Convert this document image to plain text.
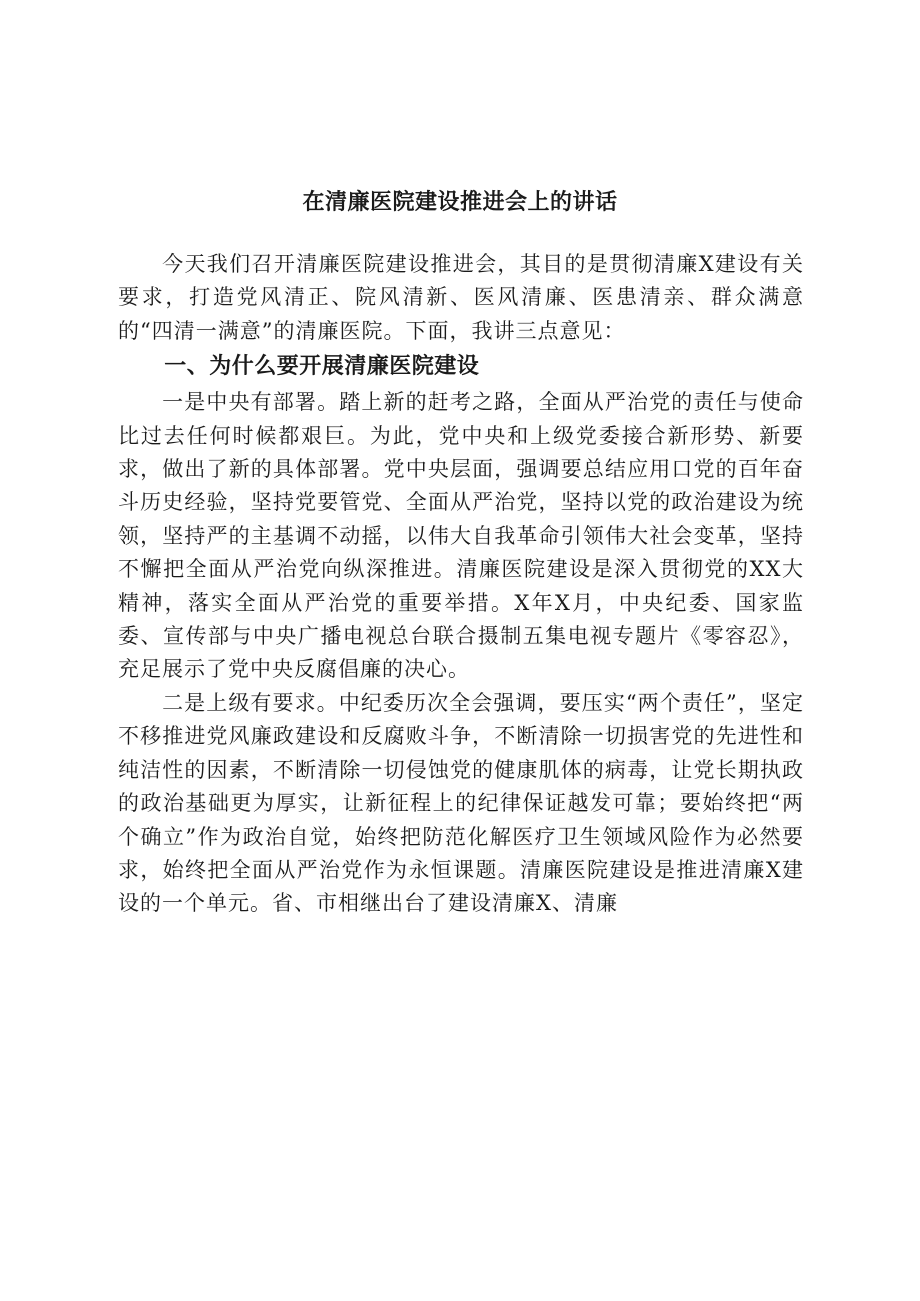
在清廉医院建设推进会上的讲话

今天我们召开清廉医院建设推进会，其目的是贯彻清廉X建设有关要求，打造党风清正、院风清新、医风清廉、医患清亲、群众满意的“四清一满意”的清廉医院。下面，我讲三点意见：

一、为什么要开展清廉医院建设

一是中央有部署。踏上新的赶考之路，全面从严治党的责任与使命比过去任何时候都艰巨。为此，党中央和上级党委接合新形势、新要求，做出了新的具体部署。党中央层面，强调要总结应用口党的百年奋斗历史经验，坚持党要管党、全面从严治党，坚持以党的政治建设为统领，坚持严的主基调不动摇，以伟大自我革命引领伟大社会变革，坚持不懈把全面从严治党向纵深推进。清廉医院建设是深入贯彻党的XX大精神，落实全面从严治党的重要举措。X年X月，中央纪委、国家监委、宣传部与中央广播电视总台联合摄制五集电视专题片《零容忍》，充足展示了党中央反腐倡廉的决心。

二是上级有要求。中纪委历次全会强调，要压实“两个责任”，坚定不移推进党风廉政建设和反腐败斗争，不断清除一切损害党的先进性和纯洁性的因素，不断清除一切侵蚀党的健康肌体的病毒，让党长期执政的政治基础更为厚实，让新征程上的纪律保证越发可靠；要始终把“两个确立”作为政治自觉，始终把防范化解医疗卫生领域风险作为必然要求，始终把全面从严治党作为永恒课题。清廉医院建设是推进清廉X建设的一个单元。省、市相继出台了建设清廉X、清廉
